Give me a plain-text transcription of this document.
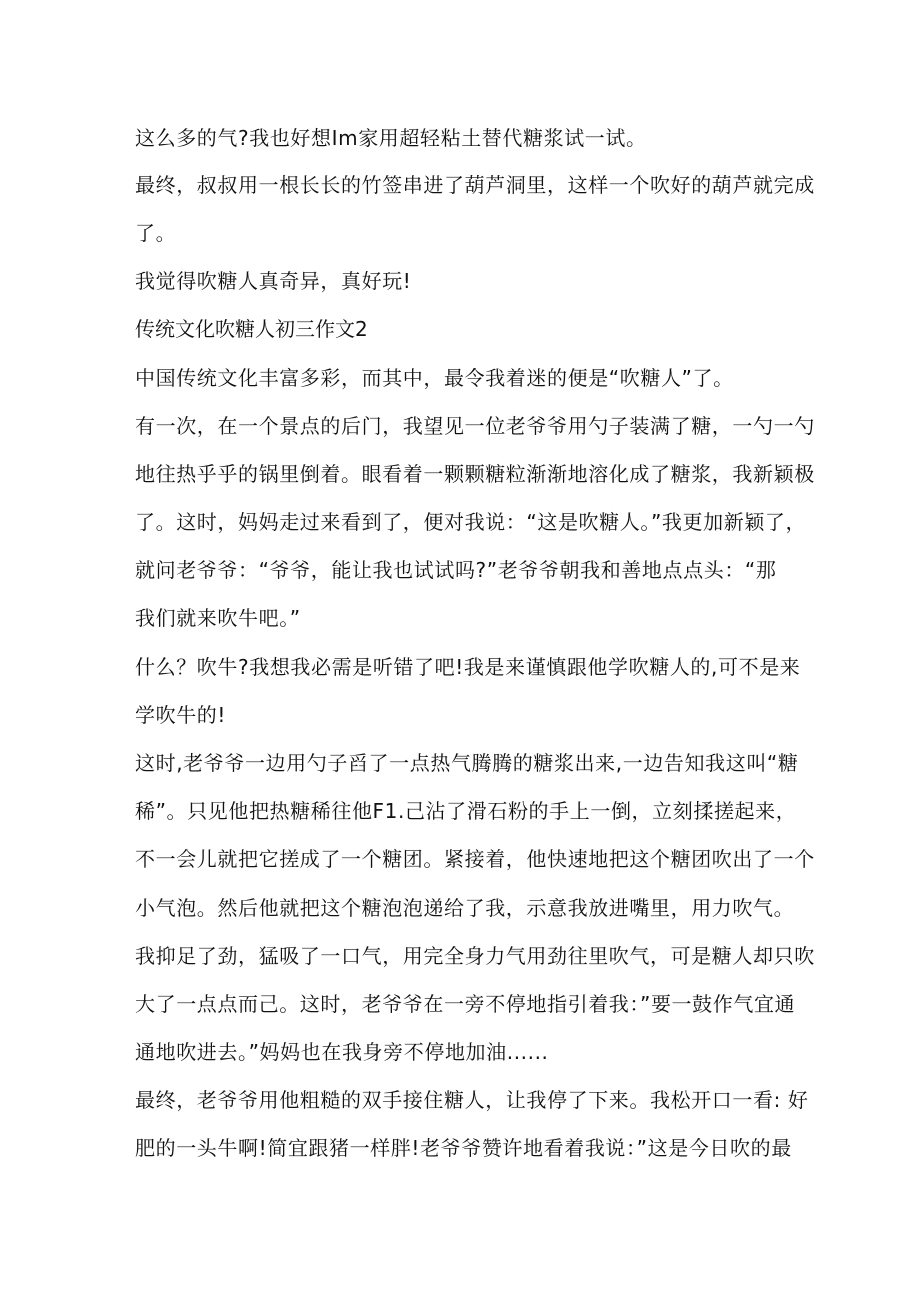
这么多的气?我也好想Im家用超轻粘土替代糖浆试一试。
最终，叔叔用一根长长的竹签串进了葫芦洞里，这样一个吹好的葫芦就完成
了。
我觉得吹糖人真奇异，真好玩!
传统文化吹糖人初三作文2
中国传统文化丰富多彩，而其中，最令我着迷的便是“吹糖人”了。
有一次，在一个景点的后门，我望见一位老爷爷用勺子装满了糖，一勺一勺
地往热乎乎的锅里倒着。眼看着一颗颗糖粒渐渐地溶化成了糖浆，我新颖极
了。这时，妈妈走过来看到了，便对我说：“这是吹糖人。”我更加新颖了，
就问老爷爷：“爷爷，能让我也试试吗?”老爷爷朝我和善地点点头：“那
我们就来吹牛吧。”
什么？吹牛?我想我必需是听错了吧!我是来谨慎跟他学吹糖人的,可不是来
学吹牛的!
这时,老爷爷一边用勺子舀了一点热气腾腾的糖浆出来,一边告知我这叫“糖
稀”。只见他把热糖稀往他F1.己沾了滑石粉的手上一倒，立刻揉搓起来，
不一会儿就把它搓成了一个糖团。紧接着，他快速地把这个糖团吹出了一个
小气泡。然后他就把这个糖泡泡递给了我，示意我放进嘴里，用力吹气。
我抑足了劲，猛吸了一口气，用完全身力气用劲往里吹气，可是糖人却只吹
大了一点点而己。这时，老爷爷在一旁不停地指引着我：”要一鼓作气宜通
通地吹进去。”妈妈也在我身旁不停地加油......
最终，老爷爷用他粗糙的双手接住糖人，让我停了下来。我松开口一看: 好
肥的一头牛啊!简宜跟猪一样胖!老爷爷赞许地看着我说：”这是今日吹的最
